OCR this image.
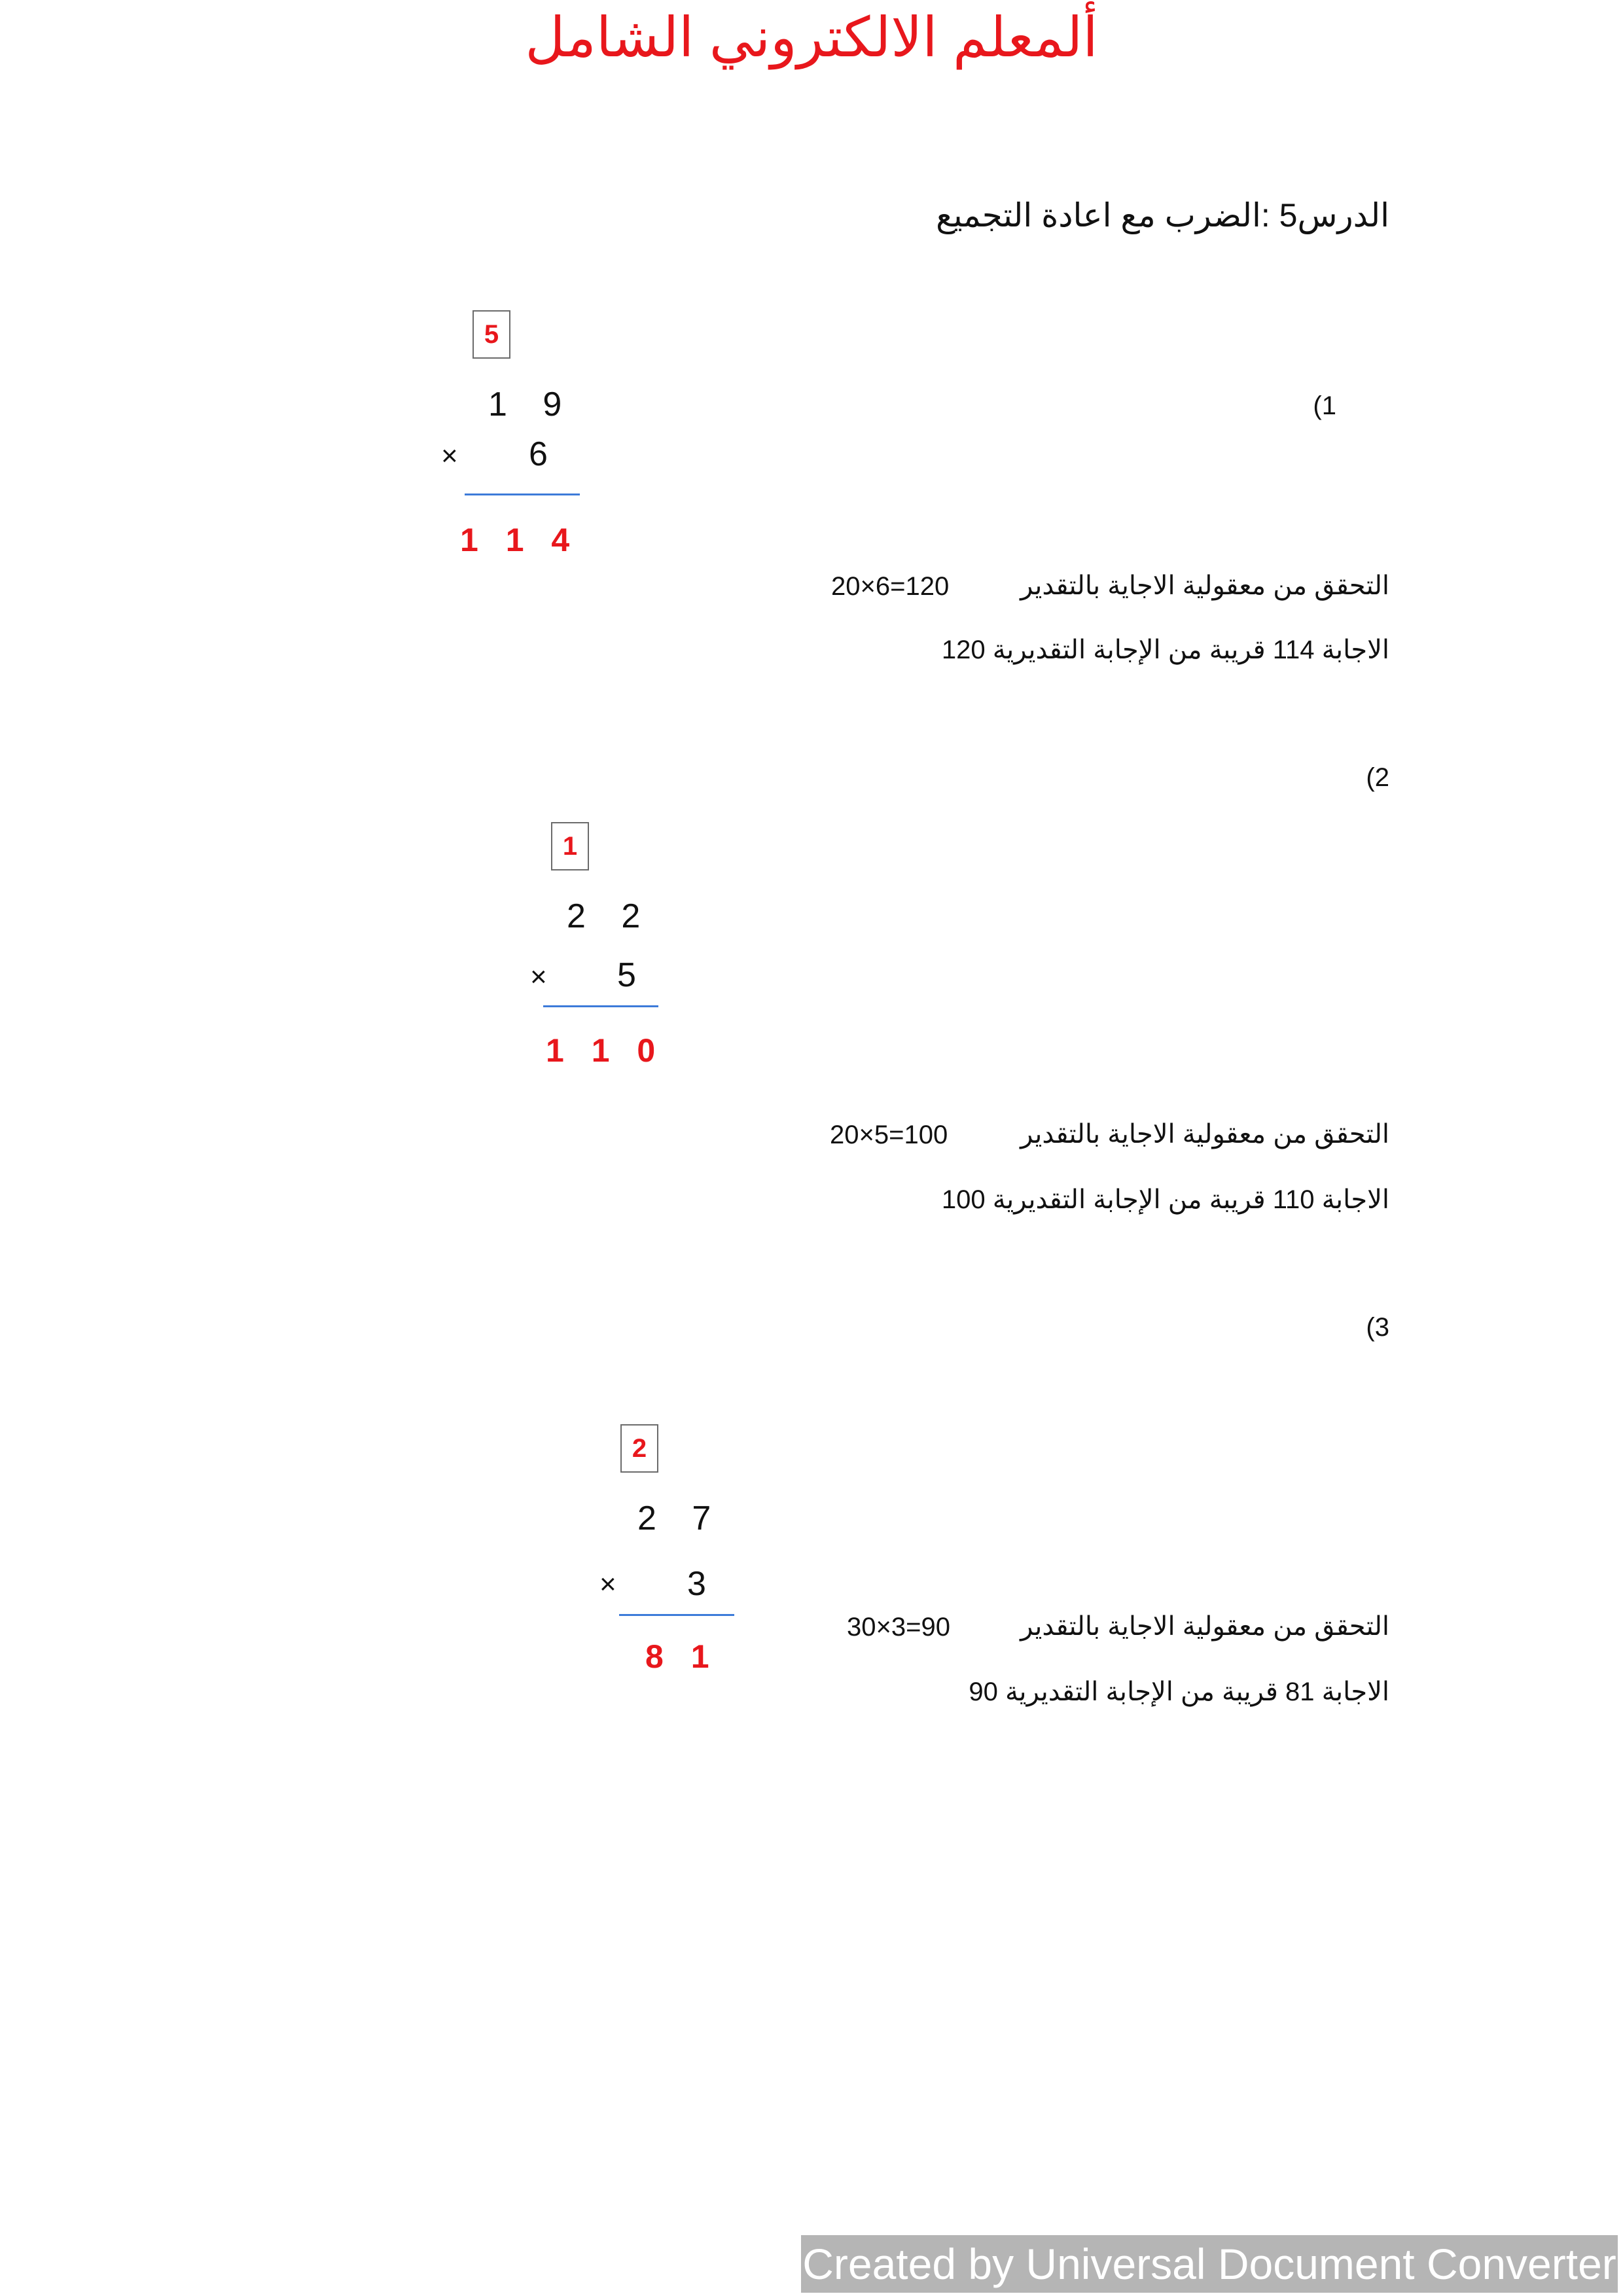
ألمعلم الالكتروني الشامل
الدرس5 :الضرب مع اعادة التجميع
(1
5
1 9
× 6
1 1 4
التحقق من معقولية الاجاية بالتقدير
20×6=120
الاجابة 114 قريبة من الإجابة التقديرية 120
(2
1
2 2
× 5
1 1 0
التحقق من معقولية الاجاية بالتقدير
20×5=100
الاجابة 110 قريبة من الإجابة التقديرية 100
(3
2
2 7
× 3
8 1
التحقق من معقولية الاجاية بالتقدير
30×3=90
الاجابة 81 قريبة من الإجابة التقديرية 90
Created by Universal Document Converter
